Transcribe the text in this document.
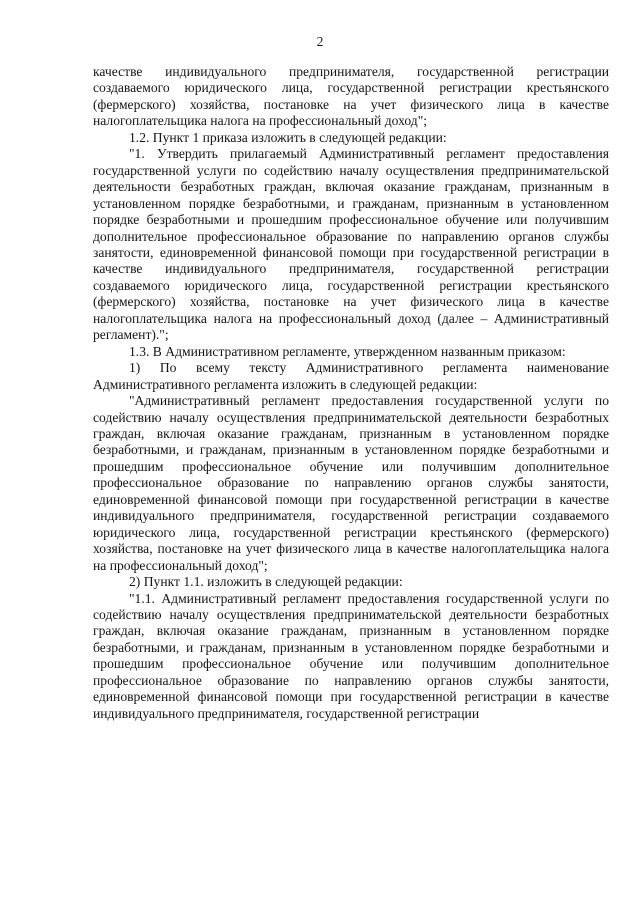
2

качестве индивидуального предпринимателя, государственной регистрации создаваемого юридического лица, государственной регистрации крестьянского (фермерского) хозяйства, постановке на учет физического лица в качестве налогоплательщика налога на профессиональный доход";

1.2. Пункт 1 приказа изложить в следующей редакции:

"1. Утвердить прилагаемый Административный регламент предоставления государственной услуги по содействию началу осуществления предпринимательской деятельности безработных граждан, включая оказание гражданам, признанным в установленном порядке безработными, и гражданам, признанным в установленном порядке безработными и прошедшим профессиональное обучение или получившим дополнительное профессиональное образование по направлению органов службы занятости, единовременной финансовой помощи при государственной регистрации в качестве индивидуального предпринимателя, государственной регистрации создаваемого юридического лица, государственной регистрации крестьянского (фермерского) хозяйства, постановке на учет физического лица в качестве налогоплательщика налога на профессиональный доход (далее – Административный регламент).";

1.3. В Административном регламенте, утвержденном названным приказом:

1) По всему тексту Административного регламента наименование Административного регламента изложить в следующей редакции:

"Административный регламент предоставления государственной услуги по содействию началу осуществления предпринимательской деятельности безработных граждан, включая оказание гражданам, признанным в установленном порядке безработными, и гражданам, признанным в установленном порядке безработными и прошедшим профессиональное обучение или получившим дополнительное профессиональное образование по направлению органов службы занятости, единовременной финансовой помощи при государственной регистрации в качестве индивидуального предпринимателя, государственной регистрации создаваемого юридического лица, государственной регистрации крестьянского (фермерского) хозяйства, постановке на учет физического лица в качестве налогоплательщика налога на профессиональный доход";

2) Пункт 1.1. изложить в следующей редакции:

"1.1. Административный регламент предоставления государственной услуги по содействию началу осуществления предпринимательской деятельности безработных граждан, включая оказание гражданам, признанным в установленном порядке безработными, и гражданам, признанным в установленном порядке безработными и прошедшим профессиональное обучение или получившим дополнительное профессиональное образование по направлению органов службы занятости, единовременной финансовой помощи при государственной регистрации в качестве индивидуального предпринимателя, государственной регистрации
